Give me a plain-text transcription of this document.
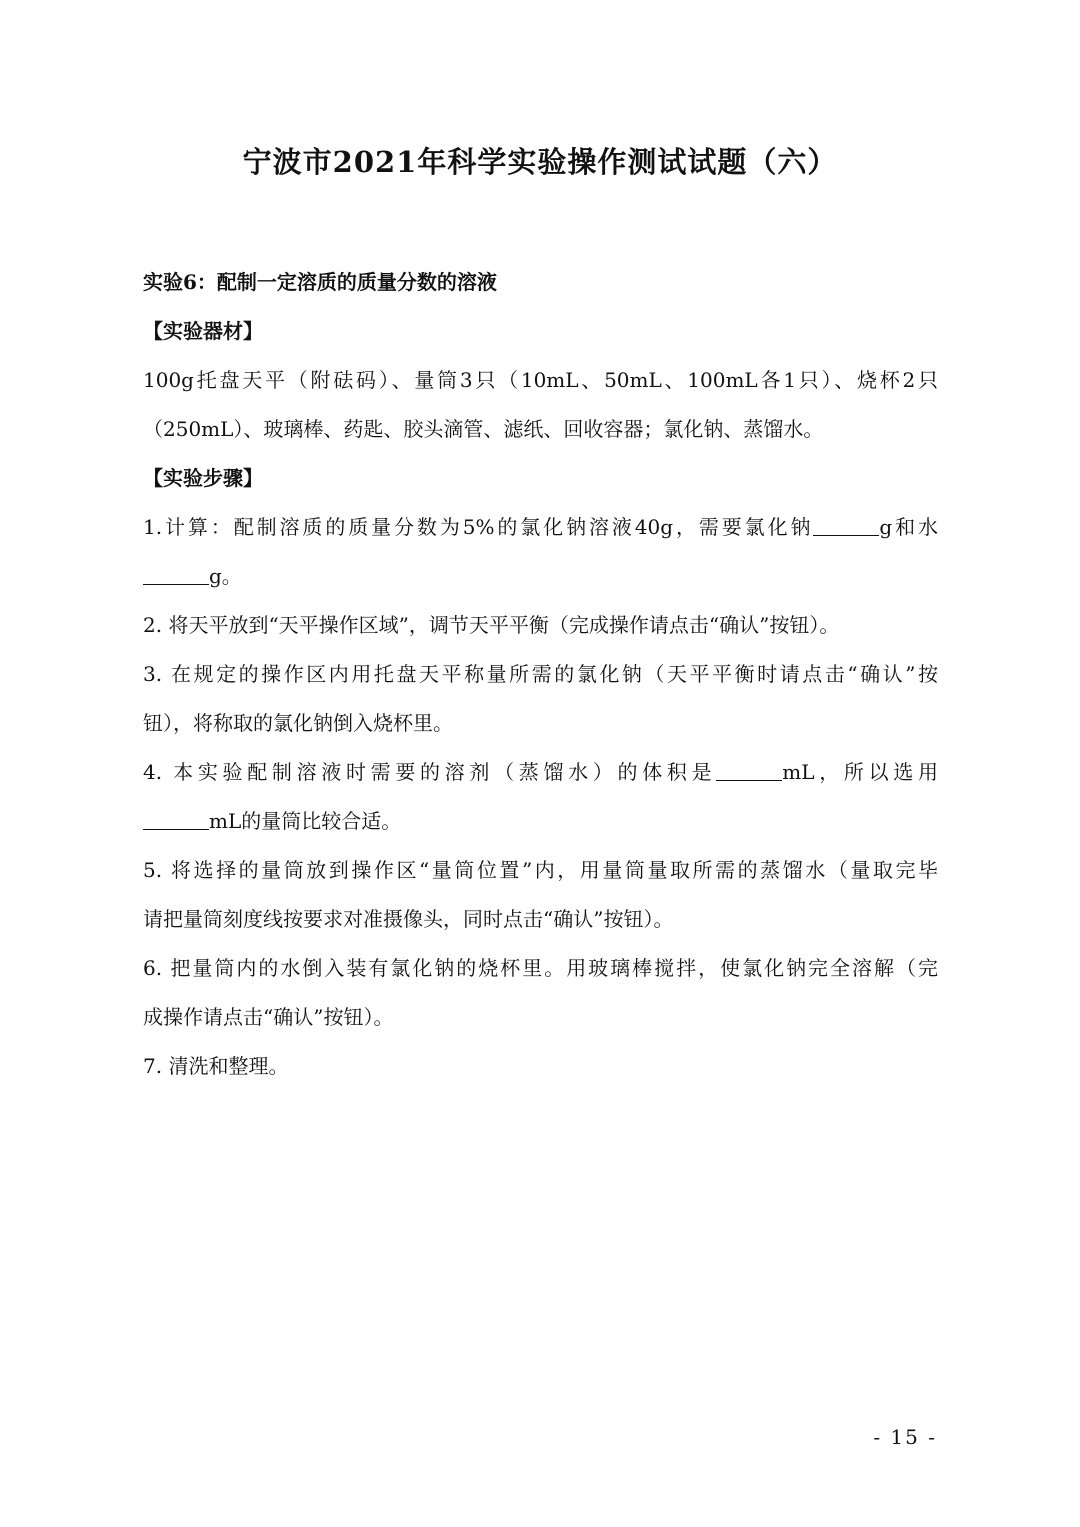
宁波市2021年科学实验操作测试试题（六）
实验6：配制一定溶质的质量分数的溶液
【实验器材】
100g托盘天平（附砝码）、量筒3只（10mL、50mL、100mL各1只）、烧杯2只
（250mL）、玻璃棒、药匙、胶头滴管、滤纸、回收容器；氯化钠、蒸馏水。
【实验步骤】
1.计算：配制溶质的质量分数为5%的氯化钠溶液40g，需要氯化钠	g和水
g。
2. 将天平放到“天平操作区域”，调节天平平衡（完成操作请点击“确认”按钮）。
3. 在规定的操作区内用托盘天平称量所需的氯化钠（天平平衡时请点击“确认”按
钮），将称取的氯化钠倒入烧杯里。
4. 本实验配制溶液时需要的溶剂（蒸馏水）的体积是	mL，所以选用
mL的量筒比较合适。
5. 将选择的量筒放到操作区“量筒位置”内，用量筒量取所需的蒸馏水（量取完毕
请把量筒刻度线按要求对准摄像头，同时点击“确认”按钮）。
6. 把量筒内的水倒入装有氯化钠的烧杯里。用玻璃棒搅拌，使氯化钠完全溶解（完
成操作请点击“确认”按钮）。
7. 清洗和整理。
- 15 -
